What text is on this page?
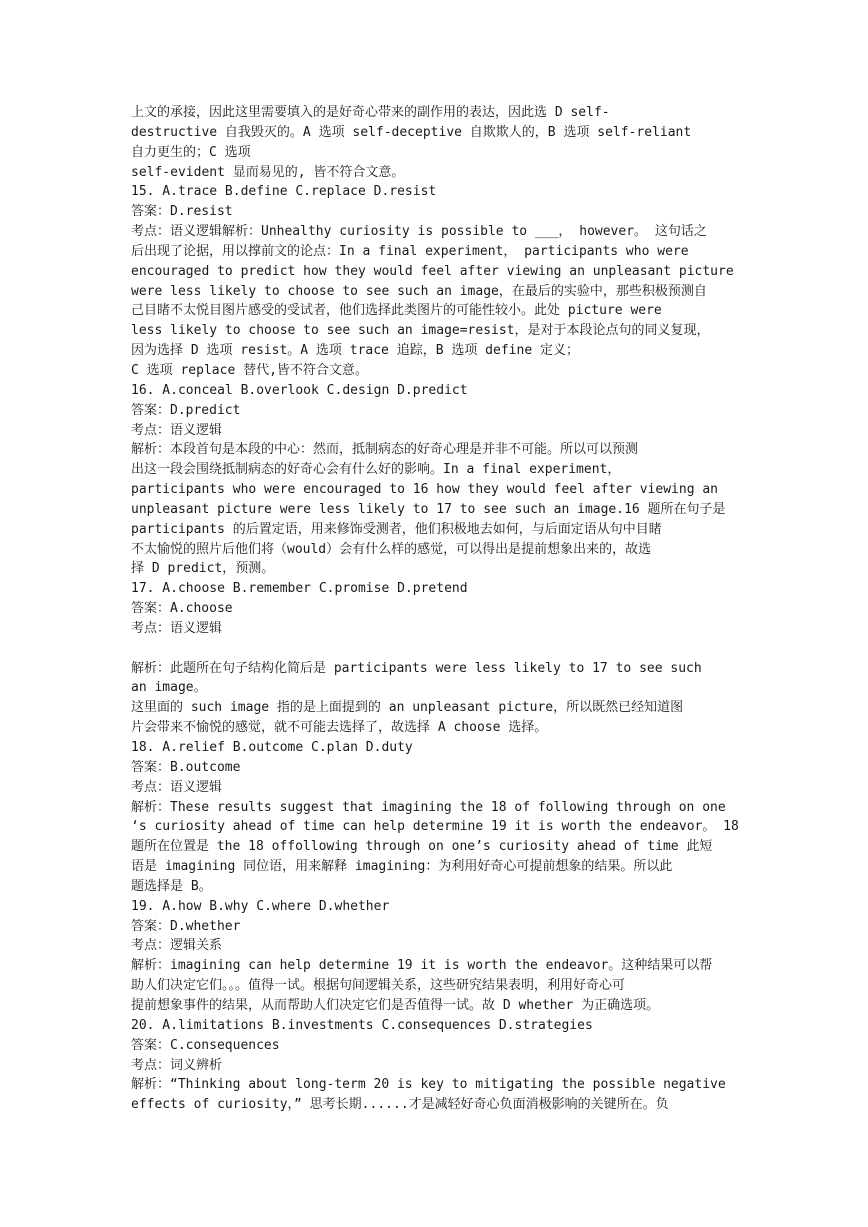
上文的承接，因此这里需要填入的是好奇心带来的副作用的表达，因此选 D self-
destructive 自我毁灭的。A 选项 self-deceptive 自欺欺人的，B 选项 self-reliant
自力更生的；C 选项
self-evident 显而易见的, 皆不符合文意。
15. A.trace B.define C.replace D.resist
答案：D.resist
考点：语义逻辑解析：Unhealthy curiosity is possible to ___， however。 这句话之
后出现了论据，用以撑前文的论点：In a final experiment， participants who were
encouraged to predict how they would feel after viewing an unpleasant picture
were less likely to choose to see such an image，在最后的实验中，那些积极预测自
己目睹不太悦目图片感受的受试者，他们选择此类图片的可能性较小。此处 picture were
less likely to choose to see such an image=resist，是对于本段论点句的同义复现，
因为选择 D 选项 resist。A 选项 trace 追踪，B 选项 define 定义；
C 选项 replace 替代,皆不符合文意。
16. A.conceal B.overlook C.design D.predict
答案：D.predict
考点：语义逻辑
解析：本段首句是本段的中心：然而，抵制病态的好奇心理是并非不可能。所以可以预测
出这一段会围绕抵制病态的好奇心会有什么好的影响。In a final experiment，
participants who were encouraged to 16 how they would feel after viewing an
unpleasant picture were less likely to 17 to see such an image.16 题所在句子是
participants 的后置定语，用来修饰受测者，他们积极地去如何，与后面定语从句中目睹
不太愉悦的照片后他们将（would）会有什么样的感觉，可以得出是提前想象出来的，故选
择 D predict，预测。
17. A.choose B.remember C.promise D.pretend
答案：A.choose
考点：语义逻辑
解析：此题所在句子结构化简后是 participants were less likely to 17 to see such
an image。
这里面的 such image 指的是上面提到的 an unpleasant picture，所以既然已经知道图
片会带来不愉悦的感觉，就不可能去选择了，故选择 A choose 选择。
18. A.relief B.outcome C.plan D.duty
答案：B.outcome
考点：语义逻辑
解析：These results suggest that imagining the 18 of following through on one
‘s curiosity ahead of time can help determine 19 it is worth the endeavor。 18
题所在位置是 the 18 offollowing through on one’s curiosity ahead of time 此短
语是 imagining 同位语，用来解释 imagining：为利用好奇心可提前想象的结果。所以此
题选择是 B。
19. A.how B.why C.where D.whether
答案：D.whether
考点：逻辑关系
解析：imagining can help determine 19 it is worth the endeavor。这种结果可以帮
助人们决定它们。。。值得一试。根据句间逻辑关系，这些研究结果表明，利用好奇心可
提前想象事件的结果，从而帮助人们决定它们是否值得一试。故 D whether 为正确选项。
20. A.limitations B.investments C.consequences D.strategies
答案：C.consequences
考点：词义辨析
解析：“Thinking about long-term 20 is key to mitigating the possible negative
effects of curiosity，” 思考长期......才是减轻好奇心负面消极影响的关键所在。负
